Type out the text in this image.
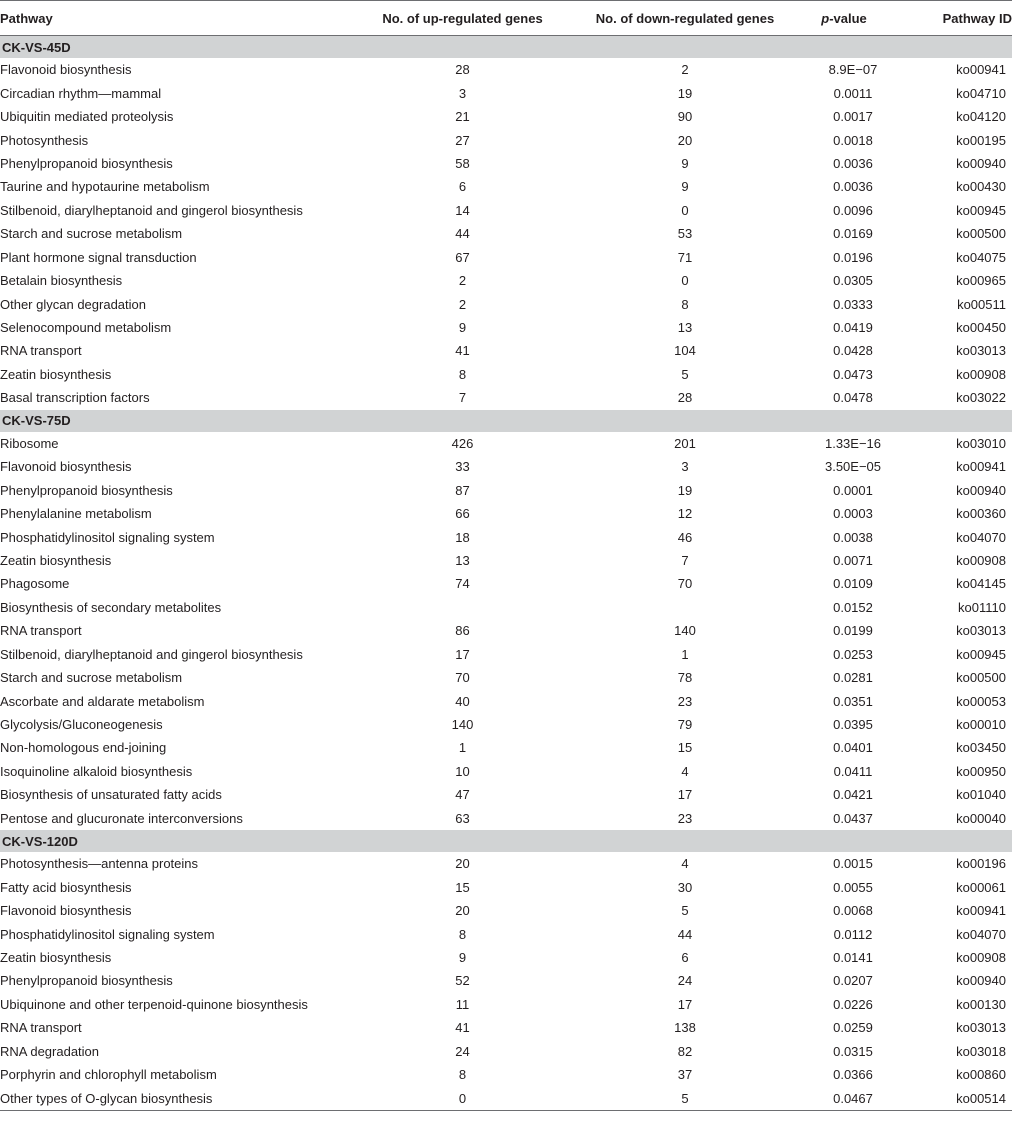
Pathway	No. of up-regulated genes	No. of down-regulated genes	p-value	Pathway ID
CK-VS-45D				
Flavonoid biosynthesis	28	2	8.9E−07	ko00941
Circadian rhythm—mammal	3	19	0.0011	ko04710
Ubiquitin mediated proteolysis	21	90	0.0017	ko04120
Photosynthesis	27	20	0.0018	ko00195
Phenylpropanoid biosynthesis	58	9	0.0036	ko00940
Taurine and hypotaurine metabolism	6	9	0.0036	ko00430
Stilbenoid, diarylheptanoid and gingerol biosynthesis	14	0	0.0096	ko00945
Starch and sucrose metabolism	44	53	0.0169	ko00500
Plant hormone signal transduction	67	71	0.0196	ko04075
Betalain biosynthesis	2	0	0.0305	ko00965
Other glycan degradation	2	8	0.0333	ko00511
Selenocompound metabolism	9	13	0.0419	ko00450
RNA transport	41	104	0.0428	ko03013
Zeatin biosynthesis	8	5	0.0473	ko00908
Basal transcription factors	7	28	0.0478	ko03022
CK-VS-75D				
Ribosome	426	201	1.33E−16	ko03010
Flavonoid biosynthesis	33	3	3.50E−05	ko00941
Phenylpropanoid biosynthesis	87	19	0.0001	ko00940
Phenylalanine metabolism	66	12	0.0003	ko00360
Phosphatidylinositol signaling system	18	46	0.0038	ko04070
Zeatin biosynthesis	13	7	0.0071	ko00908
Phagosome	74	70	0.0109	ko04145
Biosynthesis of secondary metabolites			0.0152	ko01110
RNA transport	86	140	0.0199	ko03013
Stilbenoid, diarylheptanoid and gingerol biosynthesis	17	1	0.0253	ko00945
Starch and sucrose metabolism	70	78	0.0281	ko00500
Ascorbate and aldarate metabolism	40	23	0.0351	ko00053
Glycolysis/Gluconeogenesis	140	79	0.0395	ko00010
Non-homologous end-joining	1	15	0.0401	ko03450
Isoquinoline alkaloid biosynthesis	10	4	0.0411	ko00950
Biosynthesis of unsaturated fatty acids	47	17	0.0421	ko01040
Pentose and glucuronate interconversions	63	23	0.0437	ko00040
CK-VS-120D				
Photosynthesis—antenna proteins	20	4	0.0015	ko00196
Fatty acid biosynthesis	15	30	0.0055	ko00061
Flavonoid biosynthesis	20	5	0.0068	ko00941
Phosphatidylinositol signaling system	8	44	0.0112	ko04070
Zeatin biosynthesis	9	6	0.0141	ko00908
Phenylpropanoid biosynthesis	52	24	0.0207	ko00940
Ubiquinone and other terpenoid-quinone biosynthesis	11	17	0.0226	ko00130
RNA transport	41	138	0.0259	ko03013
RNA degradation	24	82	0.0315	ko03018
Porphyrin and chlorophyll metabolism	8	37	0.0366	ko00860
Other types of O-glycan biosynthesis	0	5	0.0467	ko00514
